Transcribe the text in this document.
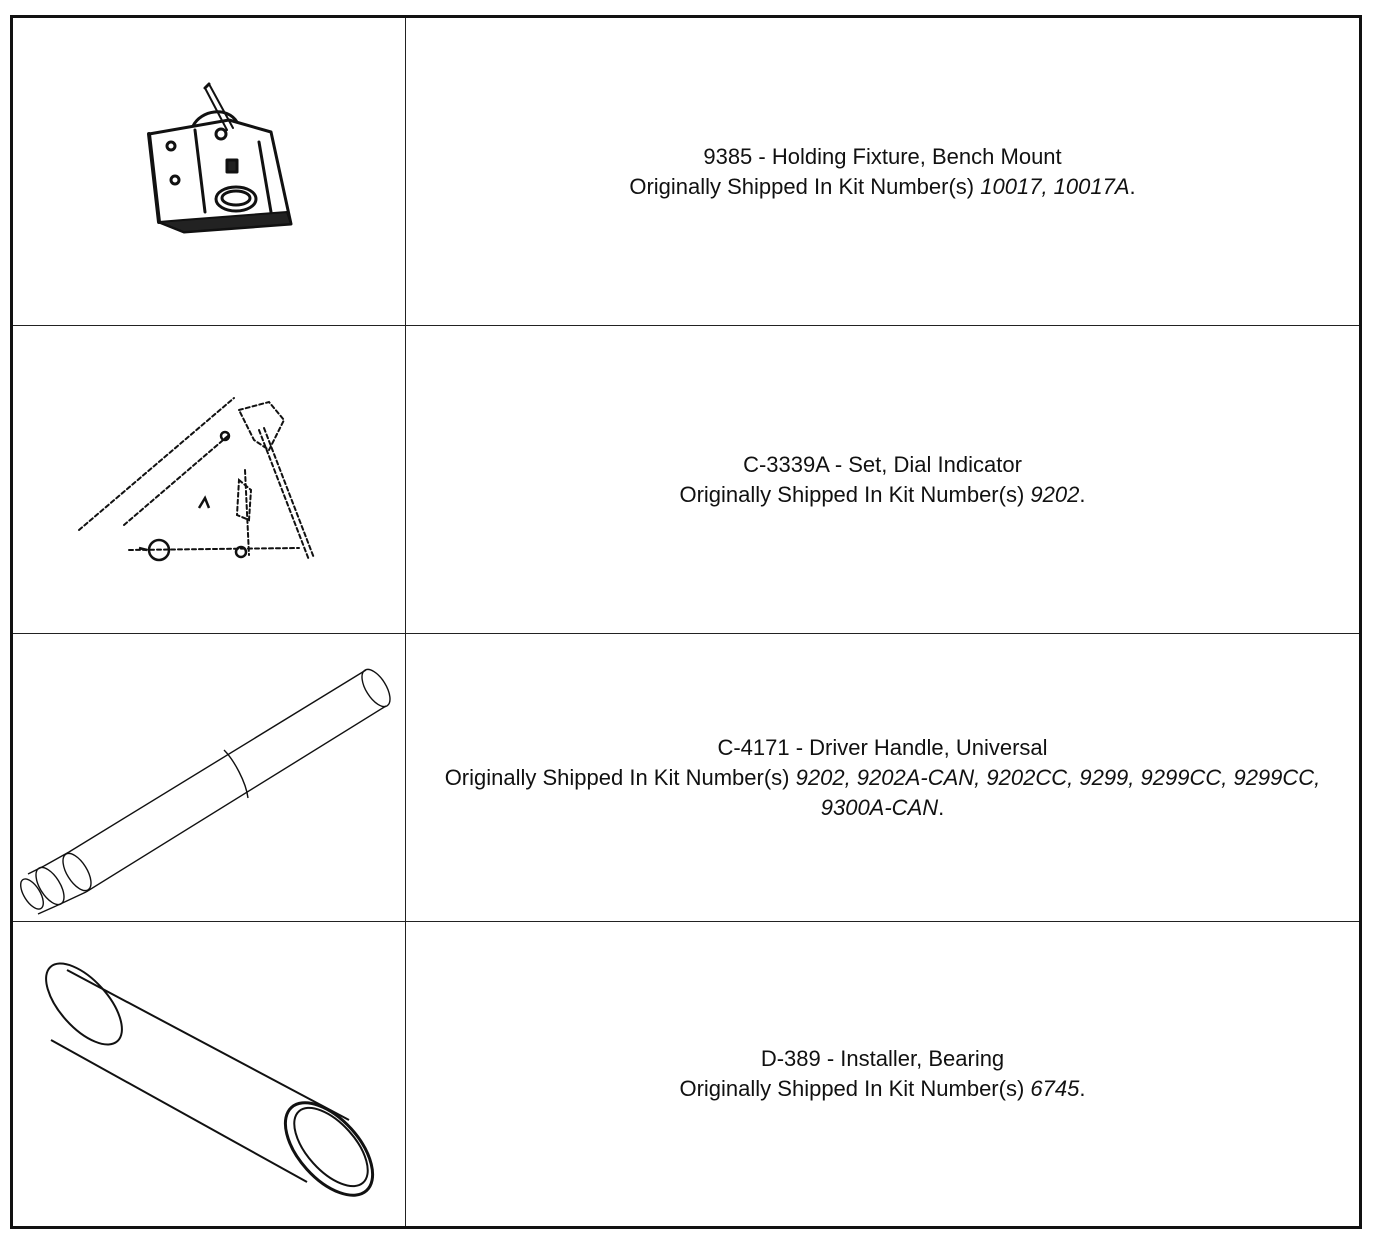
9385 - Holding Fixture, Bench Mount
Originally Shipped In Kit Number(s) 10017, 10017A.
C-3339A - Set, Dial Indicator
Originally Shipped In Kit Number(s) 9202.
C-4171 - Driver Handle, Universal
Originally Shipped In Kit Number(s) 9202, 9202A-CAN, 9202CC, 9299, 9299CC, 9299CC, 9300A-CAN.
D-389 - Installer, Bearing
Originally Shipped In Kit Number(s) 6745.
